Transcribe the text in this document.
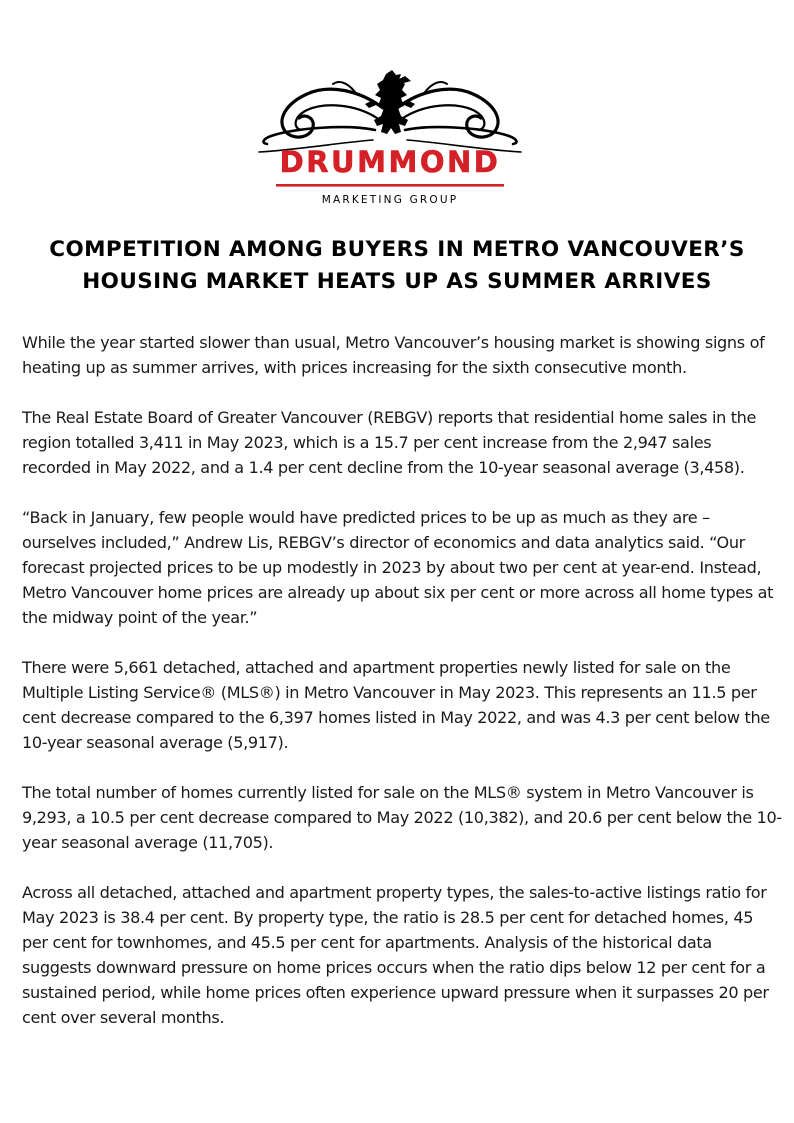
DRUMMOND
MARKETING GROUP
COMPETITION AMONG BUYERS IN METRO VANCOUVER’S
HOUSING MARKET HEATS UP AS SUMMER ARRIVES

While the year started slower than usual, Metro Vancouver’s housing market is showing signs of heating up as summer arrives, with prices increasing for the sixth consecutive month.

The Real Estate Board of Greater Vancouver (REBGV) reports that residential home sales in the region totalled 3,411 in May 2023, which is a 15.7 per cent increase from the 2,947 sales recorded in May 2022, and a 1.4 per cent decline from the 10-year seasonal average (3,458).

“Back in January, few people would have predicted prices to be up as much as they are – ourselves included,” Andrew Lis, REBGV’s director of economics and data analytics said. “Our forecast projected prices to be up modestly in 2023 by about two per cent at year-end. Instead, Metro Vancouver home prices are already up about six per cent or more across all home types at the midway point of the year.”

There were 5,661 detached, attached and apartment properties newly listed for sale on the Multiple Listing Service® (MLS®) in Metro Vancouver in May 2023. This represents an 11.5 per cent decrease compared to the 6,397 homes listed in May 2022, and was 4.3 per cent below the 10-year seasonal average (5,917).

The total number of homes currently listed for sale on the MLS® system in Metro Vancouver is 9,293, a 10.5 per cent decrease compared to May 2022 (10,382), and 20.6 per cent below the 10-year seasonal average (11,705).

Across all detached, attached and apartment property types, the sales-to-active listings ratio for May 2023 is 38.4 per cent. By property type, the ratio is 28.5 per cent for detached homes, 45 per cent for townhomes, and 45.5 per cent for apartments. Analysis of the historical data suggests downward pressure on home prices occurs when the ratio dips below 12 per cent for a sustained period, while home prices often experience upward pressure when it surpasses 20 per cent over several months.
